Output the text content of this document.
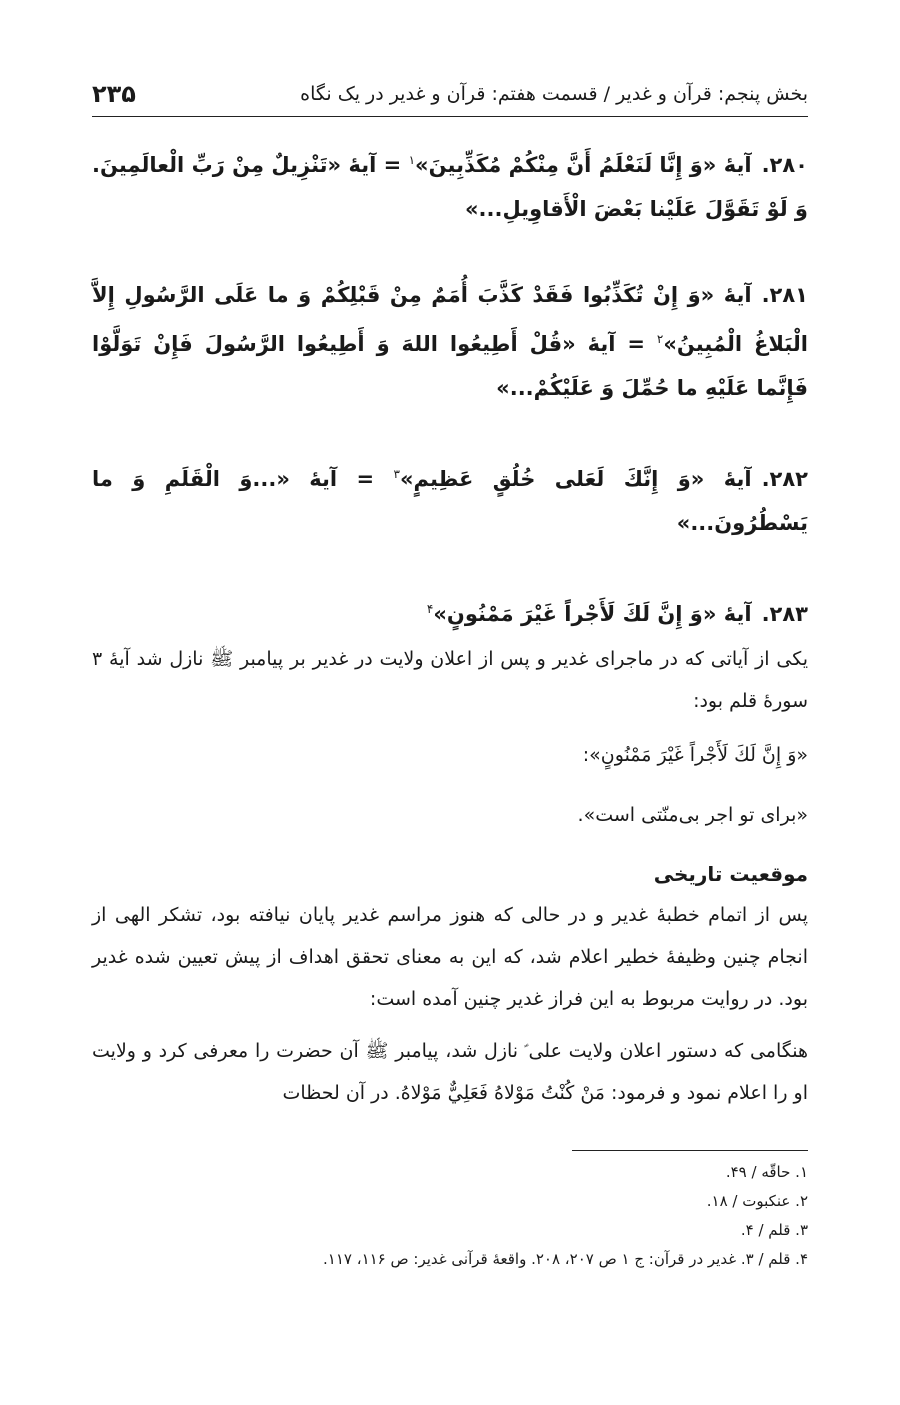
بخش پنجم: قرآن و غدیر / قسمت هفتم: قرآن و غدیر در یک نگاه
۲۳۵

۲۸۰.آیۀ «وَ إِنَّا لَنَعْلَمُ أَنَّ مِنْكُمْ مُكَذِّبِينَ»$^۱$ = آیۀ «تَنْزِيلٌ مِنْ رَبِّ الْعالَمِينَ. وَ لَوْ تَقَوَّلَ عَلَيْنا بَعْضَ الْأَقاوِيلِ...»

۲۸۱.آیۀ «وَ إِنْ تُكَذِّبُوا فَقَدْ كَذَّبَ أُمَمٌ مِنْ قَبْلِكُمْ وَ ما عَلَى الرَّسُولِ إِلاَّ الْبَلاغُ الْمُبِينُ»$^۲$ = آیۀ «قُلْ أَطِيعُوا اللهَ وَ أَطِيعُوا الرَّسُولَ فَإِنْ تَوَلَّوْا فَإِنَّما عَلَيْهِ ما حُمِّلَ وَ عَلَيْكُمْ...»

۲۸۲.آیۀ «وَ إِنَّكَ لَعَلى خُلُقٍ عَظِيمٍ»$^۳$ = آیۀ «...وَ الْقَلَمِ وَ ما يَسْطُرُونَ...»

۲۸۳.آیۀ «وَ إِنَّ لَكَ لَأَجْراً غَيْرَ مَمْنُونٍ»$^۴$

یکی از آیاتی که در ماجرای غدیر و پس از اعلان ولایت در غدیر بر پیامبر ﷺ نازل شد آیۀ ۳ سورۀ قلم بود:

«وَ إِنَّ لَكَ لَأَجْراً غَيْرَ مَمْنُونٍ»:

«برای تو اجر بی‌منّتی است».

موقعیت تاریخی

پس از اتمام خطبۀ غدیر و در حالی که هنوز مراسم غدیر پایان نیافته بود، تشکر الهی از انجام چنین وظیفۀ خطیر اعلام شد، که این به معنای تحقق اهداف از پیش تعیین شده غدیر بود. در روایت مربوط به این فراز غدیر چنین آمده است:

هنگامی که دستور اعلان ولایت علی ؑ نازل شد، پیامبر ﷺ آن حضرت را معرفی کرد و ولایت او را اعلام نمود و فرمود: مَنْ كُنْتُ مَوْلاهُ فَعَلِيٌّ مَوْلاهُ. در آن لحظات

۱. حاقّه / ۴۹.

۲. عنکبوت / ۱۸.

۳. قلم / ۴.

۴. قلم / ۳. غدیر در قرآن: ج ۱ ص ۲۰۷، ۲۰۸. واقعۀ قرآنی غدیر: ص ۱۱۶، ۱۱۷.
